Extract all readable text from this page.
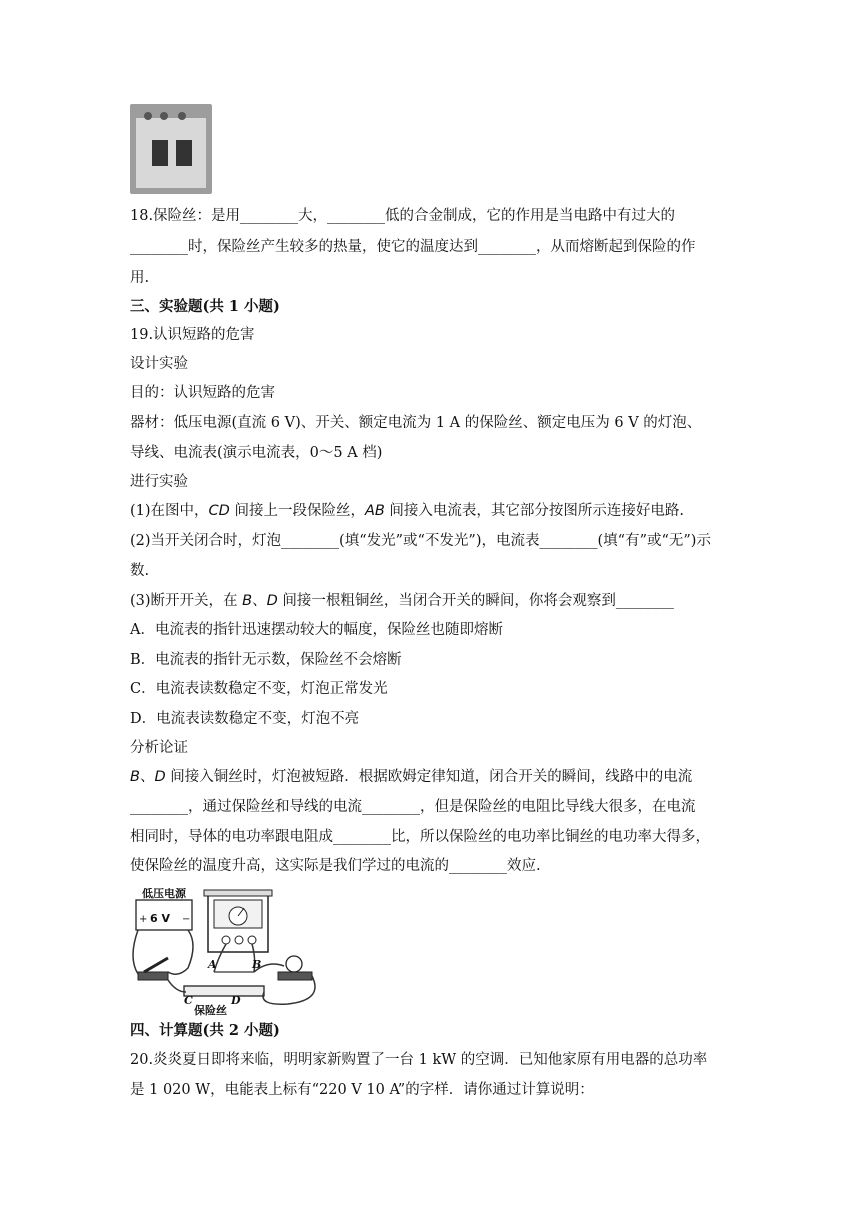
18.保险丝：是用________大，________低的合金制成，它的作用是当电路中有过大的
________时，保险丝产生较多的热量，使它的温度达到________，从而熔断起到保险的作
用.
三、实验题(共 1 小题)
19.认识短路的危害
设计实验
目的：认识短路的危害
器材：低压电源(直流 6 V)、开关、额定电流为 1 A 的保险丝、额定电压为 6 V 的灯泡、
导线、电流表(演示电流表，0～5 A 档)
进行实验
(1)在图中，CD 间接上一段保险丝，AB 间接入电流表，其它部分按图所示连接好电路.
(2)当开关闭合时，灯泡________(填“发光”或“不发光”)，电流表________(填“有”或“无”)示
数.
(3)断开开关，在 B、D 间接一根粗铜丝，当闭合开关的瞬间，你将会观察到________
A．电流表的指针迅速摆动较大的幅度，保险丝也随即熔断
B．电流表的指针无示数，保险丝不会熔断
C．电流表读数稳定不变，灯泡正常发光
D．电流表读数稳定不变，灯泡不亮
分析论证
B、D 间接入铜丝时，灯泡被短路．根据欧姆定律知道，闭合开关的瞬间，线路中的电流
________，通过保险丝和导线的电流________，但是保险丝的电阻比导线大很多，在电流
相同时，导体的电功率跟电阻成________比，所以保险丝的电功率比铜丝的电功率大得多，
使保险丝的温度升高，这实际是我们学过的电流的________效应.
低压电源
6 V
+	−
A	B
C	D
保险丝
四、计算题(共 2 小题)
20.炎炎夏日即将来临，明明家新购置了一台 1 kW 的空调．已知他家原有用电器的总功率
是 1 020 W，电能表上标有“220 V 10 A”的字样．请你通过计算说明：
